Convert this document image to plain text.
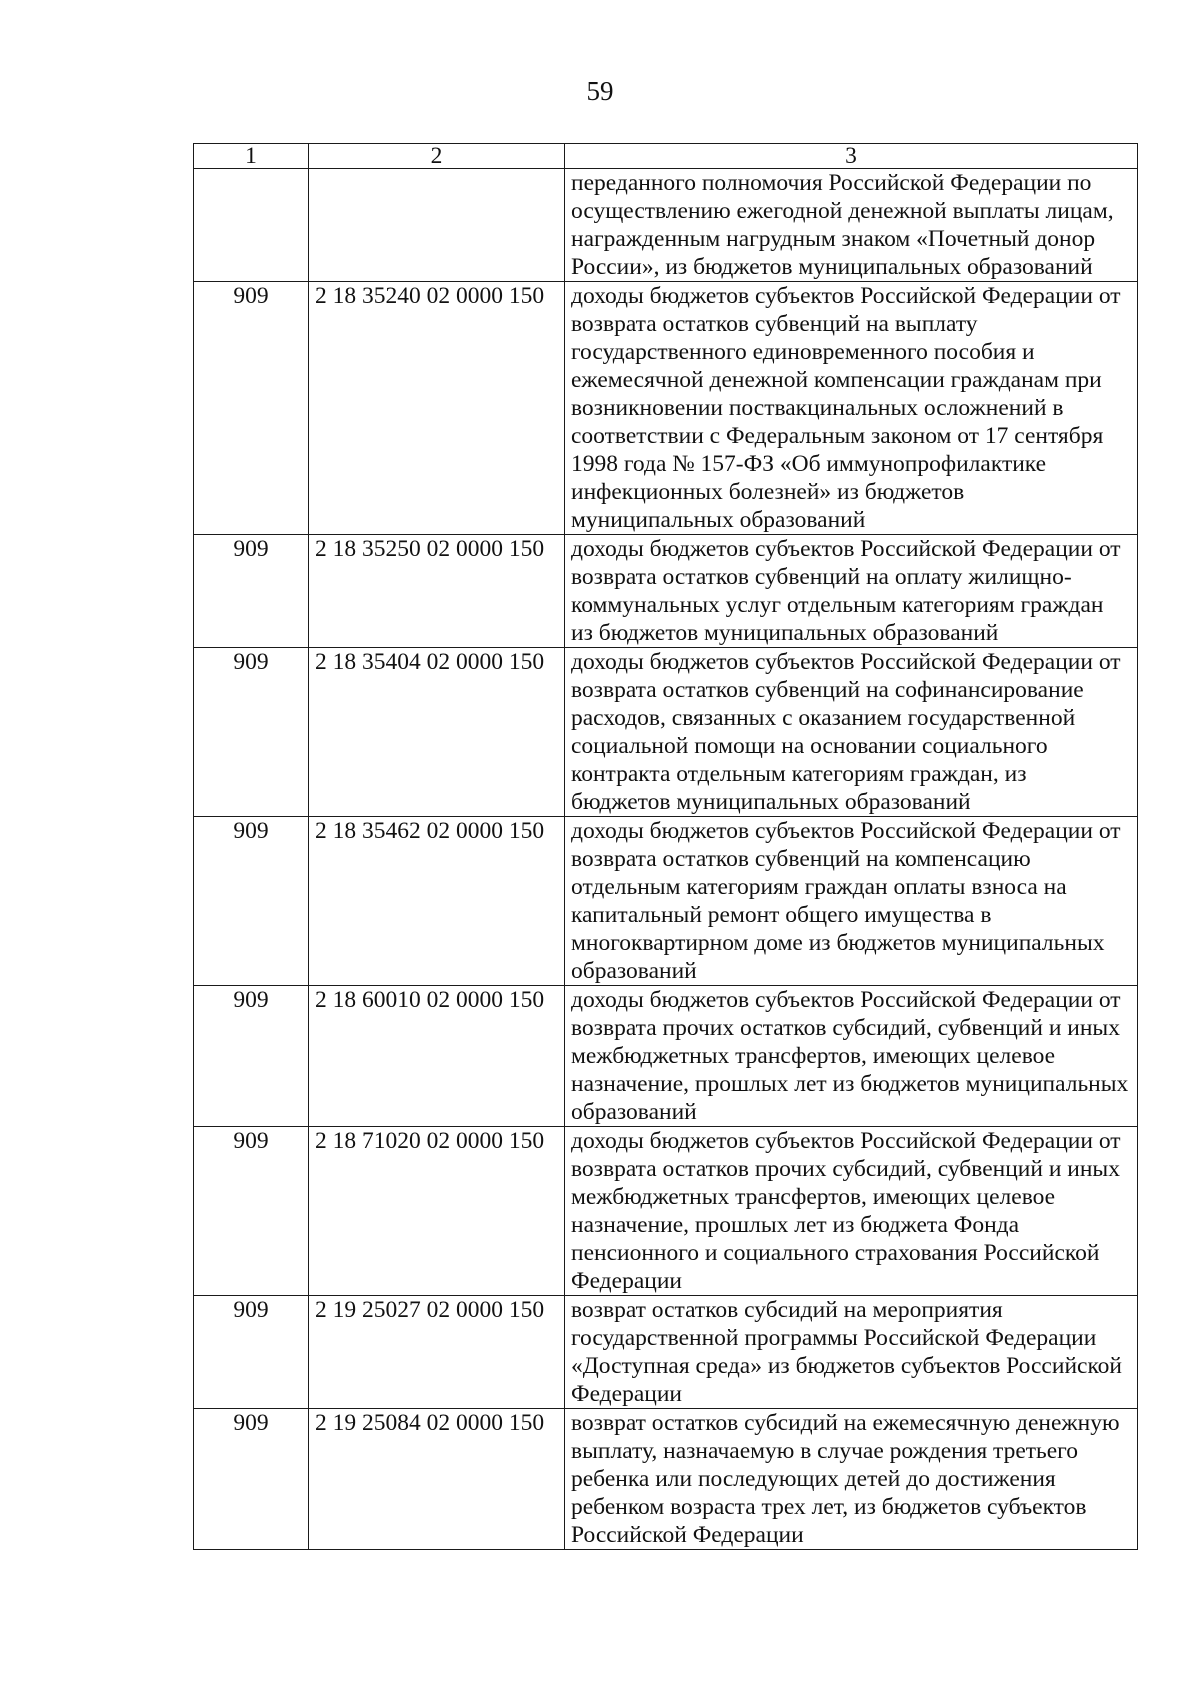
59
1	2	3
		переданного полномочия Российской Федерации по осуществлению ежегодной денежной выплаты лицам, награжденным нагрудным знаком «Почетный донор России», из бюджетов муниципальных образований
909	2 18 35240 02 0000 150	доходы бюджетов субъектов Российской Федерации от возврата остатков субвенций на выплату государственного единовременного пособия и ежемесячной денежной компенсации гражданам при возникновении поствакцинальных осложнений в соответствии с Федеральным законом от 17 сентября 1998 года № 157-ФЗ «Об иммунопрофилактике инфекционных болезней» из бюджетов муниципальных образований
909	2 18 35250 02 0000 150	доходы бюджетов субъектов Российской Федерации от возврата остатков субвенций на оплату жилищно-коммунальных услуг отдельным категориям граждан из бюджетов муниципальных образований
909	2 18 35404 02 0000 150	доходы бюджетов субъектов Российской Федерации от возврата остатков субвенций на софинансирование расходов, связанных с оказанием государственной социальной помощи на основании социального контракта отдельным категориям граждан, из бюджетов муниципальных образований
909	2 18 35462 02 0000 150	доходы бюджетов субъектов Российской Федерации от возврата остатков субвенций на компенсацию отдельным категориям граждан оплаты взноса на капитальный ремонт общего имущества в многоквартирном доме из бюджетов муниципальных образований
909	2 18 60010 02 0000 150	доходы бюджетов субъектов Российской Федерации от возврата прочих остатков субсидий, субвенций и иных межбюджетных трансфертов, имеющих целевое назначение, прошлых лет из бюджетов муниципальных образований
909	2 18 71020 02 0000 150	доходы бюджетов субъектов Российской Федерации от возврата остатков прочих субсидий, субвенций и иных межбюджетных трансфертов, имеющих целевое назначение, прошлых лет из бюджета Фонда пенсионного и социального страхования Российской Федерации
909	2 19 25027 02 0000 150	возврат остатков субсидий на мероприятия государственной программы Российской Федерации «Доступная среда» из бюджетов субъектов Российской Федерации
909	2 19 25084 02 0000 150	возврат остатков субсидий на ежемесячную денежную выплату, назначаемую в случае рождения третьего ребенка или последующих детей до достижения ребенком возраста трех лет, из бюджетов субъектов Российской Федерации
